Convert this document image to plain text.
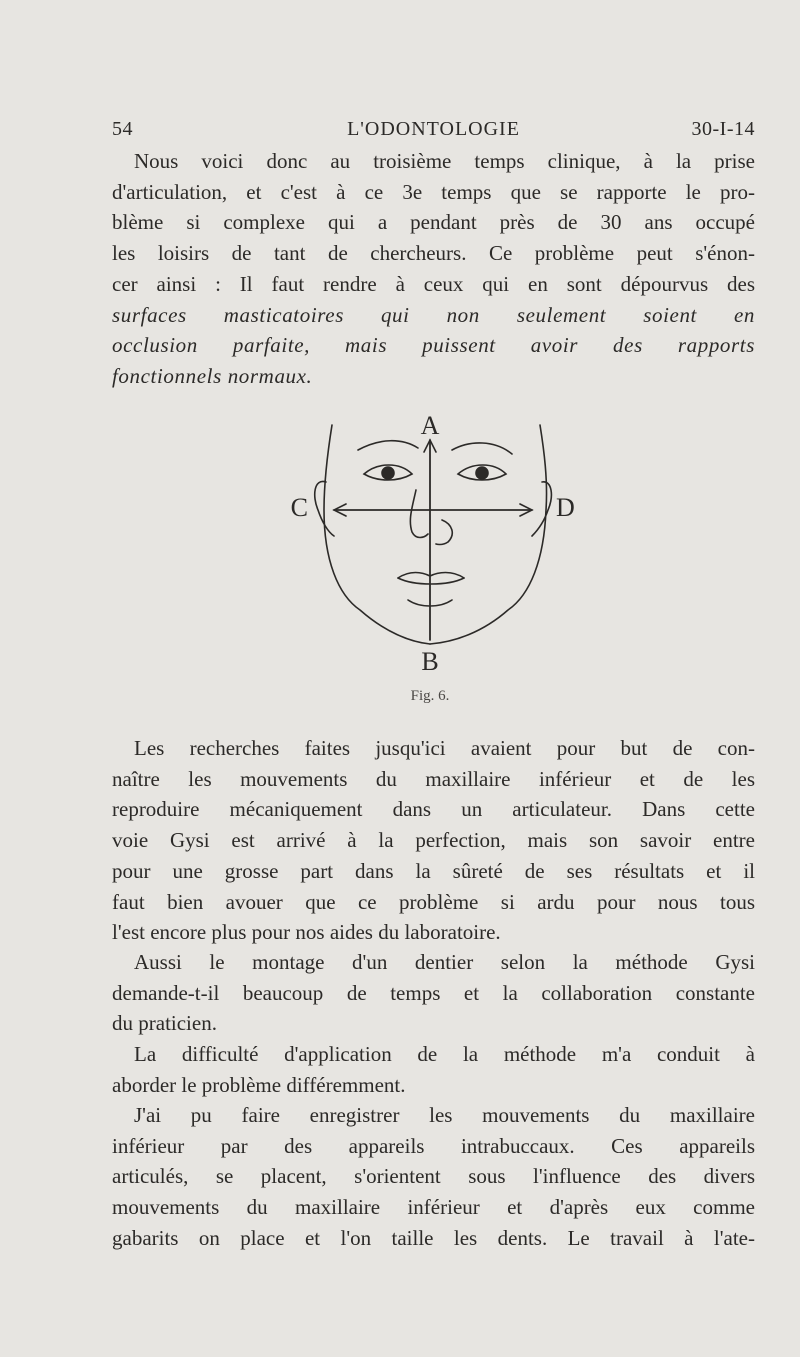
54	L'ODONTOLOGIE	30-I-14
Nous voici donc au troisième temps clinique, à la prise
d'articulation, et c'est à ce 3e temps que se rapporte le pro-
blème si complexe qui a pendant près de 30 ans occupé
les loisirs de tant de chercheurs. Ce problème peut s'énon-
cer ainsi : Il faut rendre à ceux qui en sont dépourvus des
surfaces masticatoires qui non seulement soient en
occlusion parfaite, mais puissent avoir des rapports
fonctionnels normaux.
A
B
C	D
Fig. 6.
Les recherches faites jusqu'ici avaient pour but de con-
naître les mouvements du maxillaire inférieur et de les
reproduire mécaniquement dans un articulateur. Dans cette
voie Gysi est arrivé à la perfection, mais son savoir entre
pour une grosse part dans la sûreté de ses résultats et il
faut bien avouer que ce problème si ardu pour nous tous
l'est encore plus pour nos aides du laboratoire.
Aussi le montage d'un dentier selon la méthode Gysi
demande-t-il beaucoup de temps et la collaboration constante
du praticien.
La difficulté d'application de la méthode m'a conduit à
aborder le problème différemment.
J'ai pu faire enregistrer les mouvements du maxillaire
inférieur par des appareils intrabuccaux. Ces appareils
articulés, se placent, s'orientent sous l'influence des divers
mouvements du maxillaire inférieur et d'après eux comme
gabarits on place et l'on taille les dents. Le travail à l'ate-
